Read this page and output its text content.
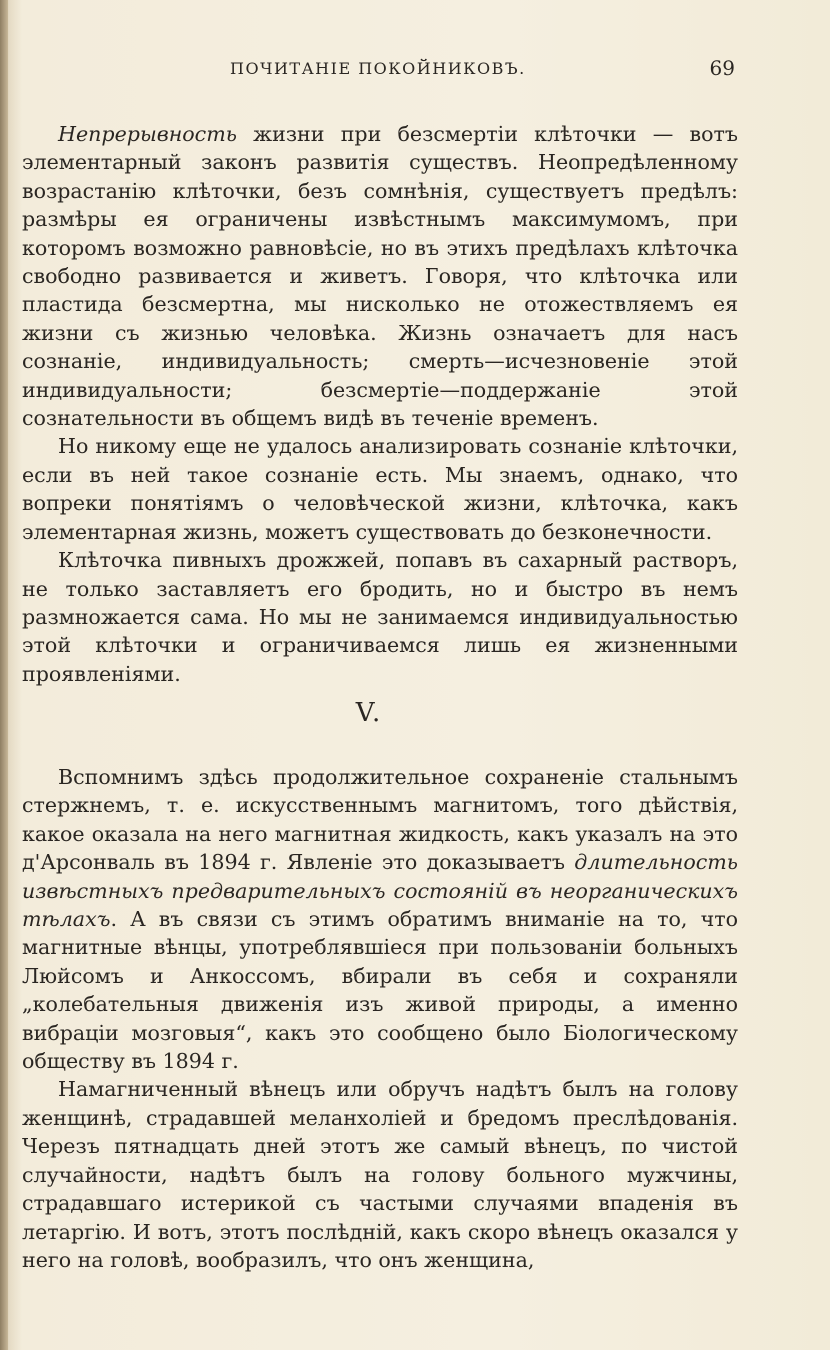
ПОЧИТАНІЕ ПОКОЙНИКОВЪ.	69

Непрерывность жизни при безсмертіи клѣточки — вотъ элементарный законъ развитія существъ. Неопредѣленному возрастанію клѣточки, безъ сомнѣнія, существуетъ предѣлъ: размѣры ея ограничены извѣстнымъ максимумомъ, при которомъ возможно равновѣсіе, но въ этихъ предѣлахъ клѣточка свободно развивается и живетъ. Говоря, что клѣточка или пластида безсмертна, мы нисколько не отожествляемъ ея жизни съ жизнью человѣка. Жизнь означаетъ для насъ сознаніе, индивидуальность; смерть—исчезновеніе этой индивидуальности; безсмертіе—поддержаніе этой сознательности въ общемъ видѣ въ теченіе временъ.

Но никому еще не удалось анализировать сознаніе клѣточки, если въ ней такое сознаніе есть. Мы знаемъ, однако, что вопреки понятіямъ о человѣческой жизни, клѣточка, какъ элементарная жизнь, можетъ существовать до безконечности.

Клѣточка пивныхъ дрожжей, попавъ въ сахарный растворъ, не только заставляетъ его бродить, но и быстро въ немъ размножается сама. Но мы не занимаемся индивидуальностью этой клѣточки и ограничиваемся лишь ея жизненными проявленіями.

V.

Вспомнимъ здѣсь продолжительное сохраненіе стальнымъ стержнемъ, т. е. искусственнымъ магнитомъ, того дѣйствія, какое оказала на него магнитная жидкость, какъ указалъ на это д'Арсонваль въ 1894 г. Явленіе это доказываетъ длительность извѣстныхъ предварительныхъ состояній въ неорганическихъ тѣлахъ. А въ связи съ этимъ обратимъ вниманіе на то, что магнитные вѣнцы, употреблявшіеся при пользованіи больныхъ Люйсомъ и Анкоссомъ, вбирали въ себя и сохраняли „колебательныя движенія изъ живой природы, а именно вибраціи мозговыя“, какъ это сообщено было Біологическому обществу въ 1894 г.

Намагниченный вѣнецъ или обручъ надѣтъ былъ на голову женщинѣ, страдавшей меланхоліей и бредомъ преслѣдованія. Черезъ пятнадцать дней этотъ же самый вѣнецъ, по чистой случайности, надѣтъ былъ на голову больного мужчины, страдавшаго истерикой съ частыми случаями впаденія въ летаргію. И вотъ, этотъ послѣдній, какъ скоро вѣнецъ оказался у него на головѣ, вообразилъ, что онъ женщина,
